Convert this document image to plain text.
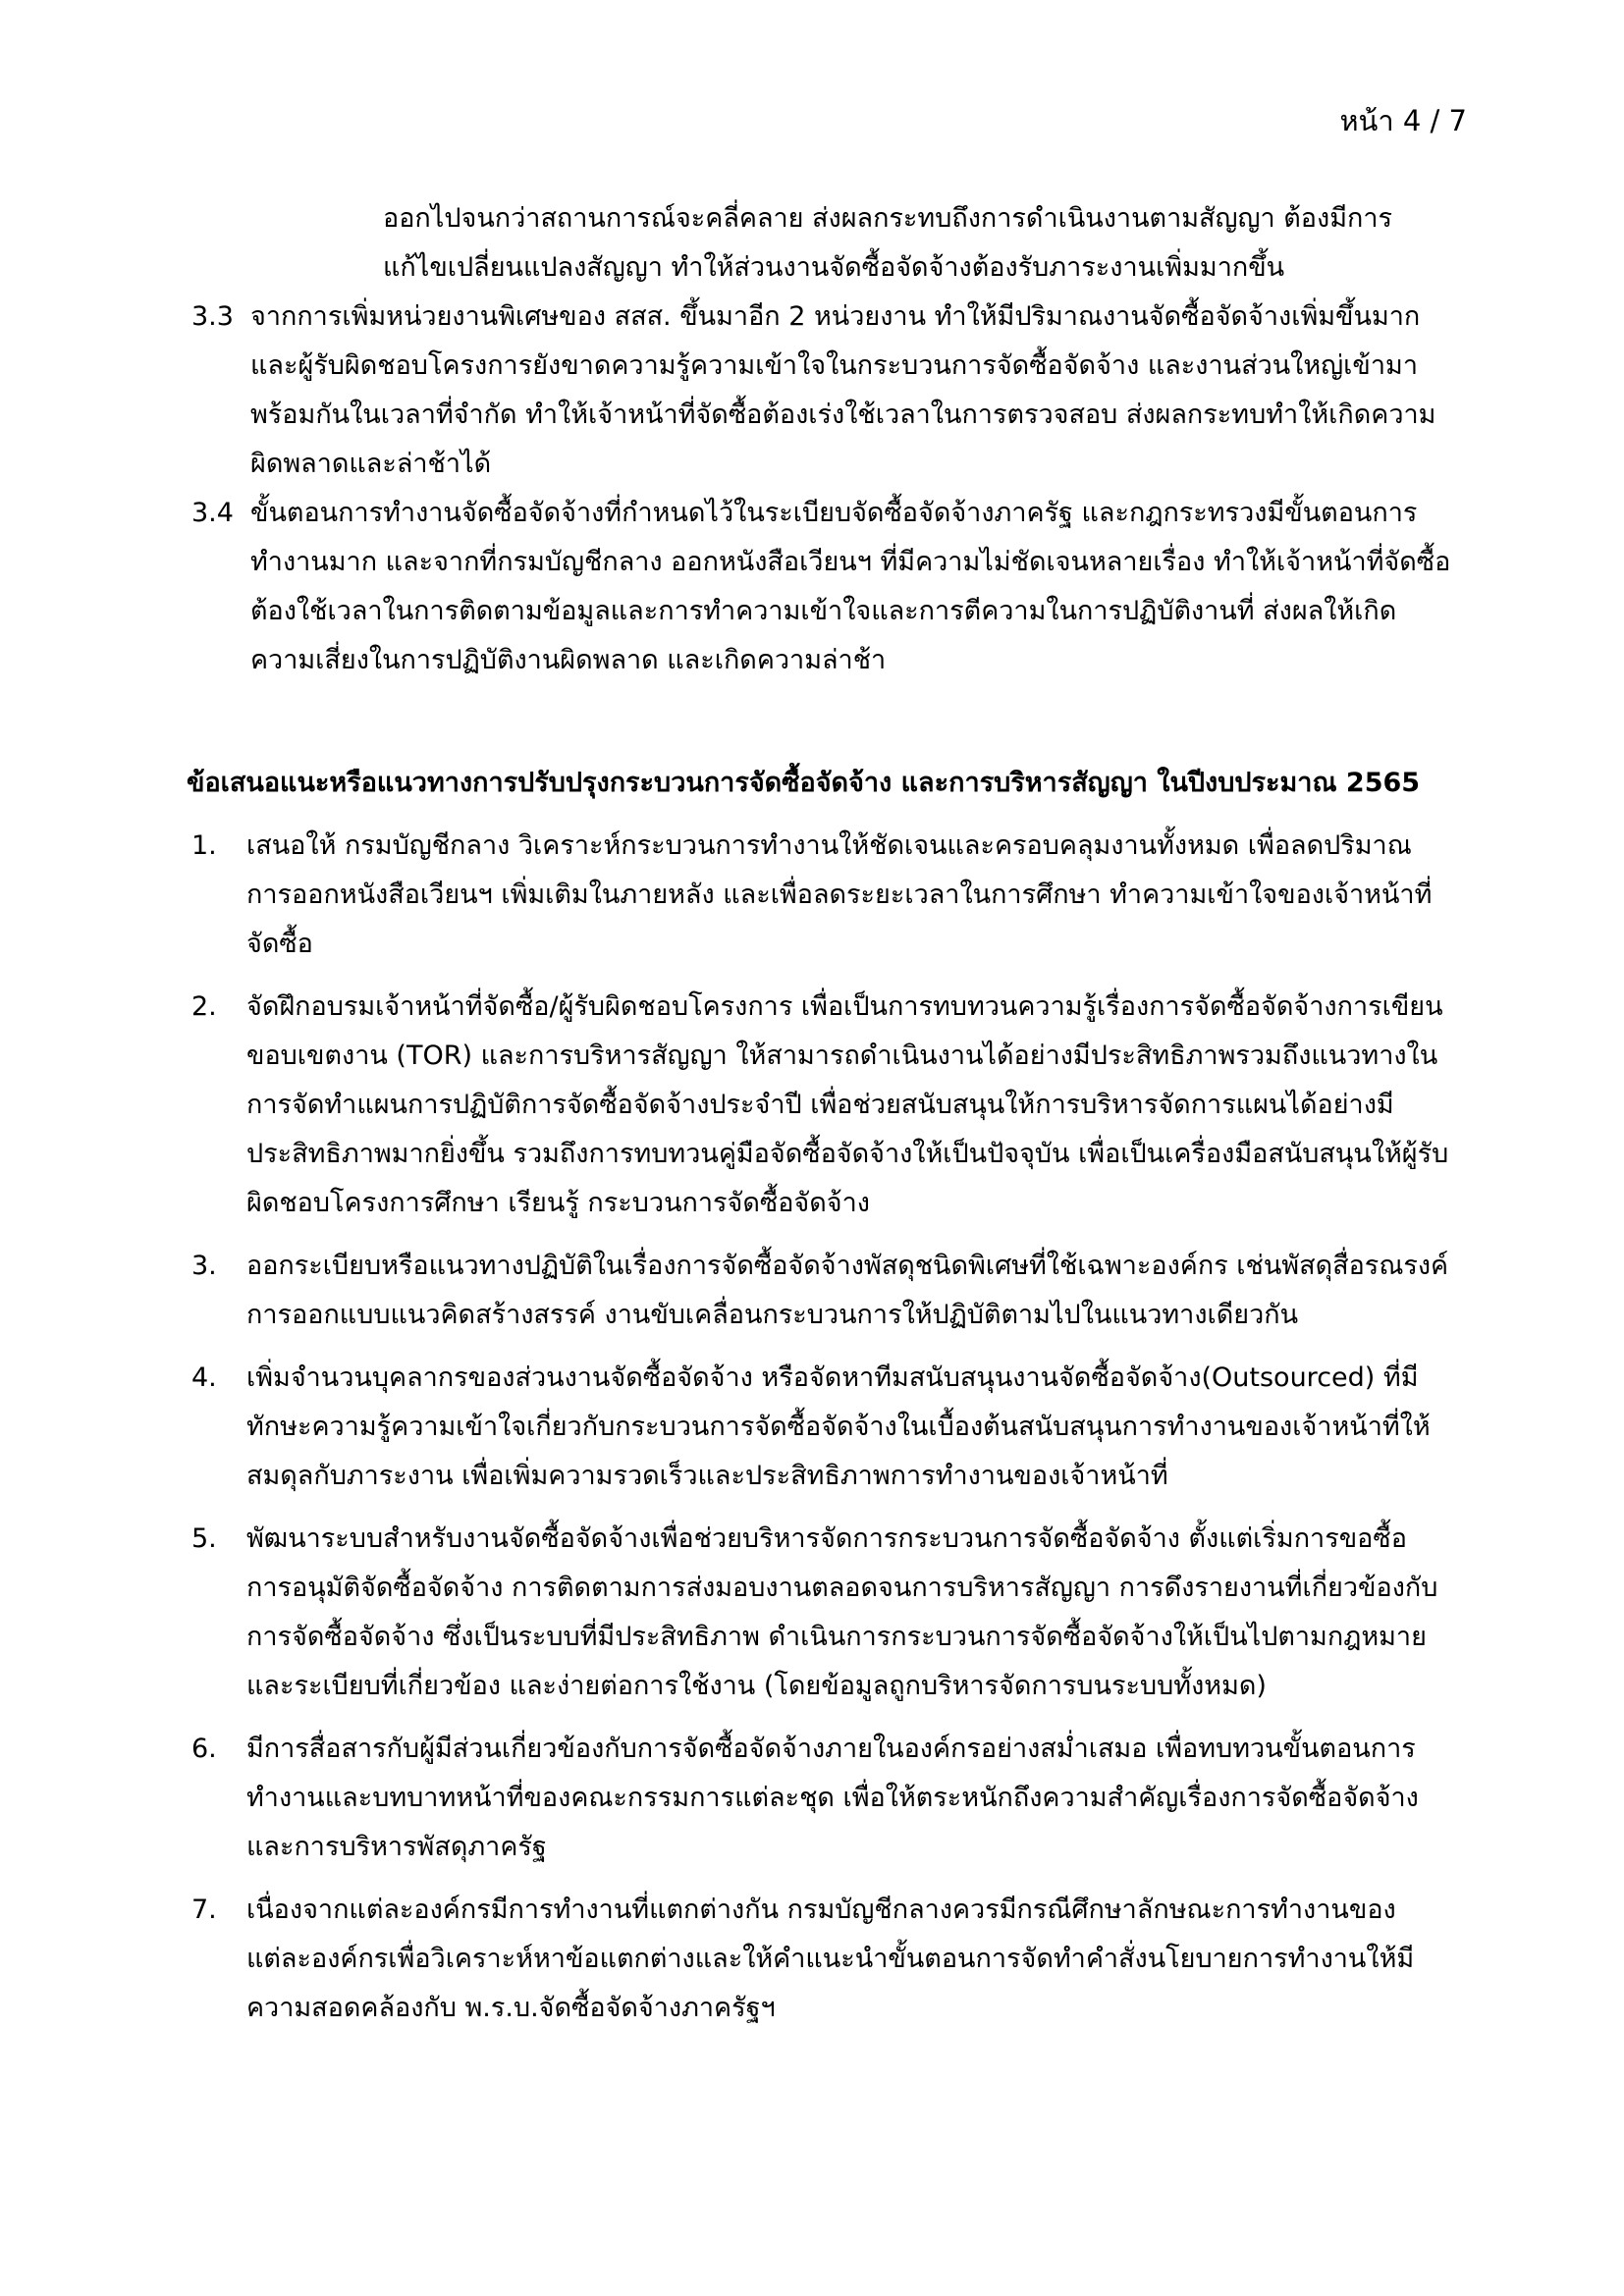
หน้า 4 / 7

ออกไปจนกว่าสถานการณ์จะคลี่คลาย ส่งผลกระทบถึงการดำเนินงานตามสัญญา ต้องมีการแก้ไขเปลี่ยนแปลงสัญญา ทำให้ส่วนงานจัดซื้อจัดจ้างต้องรับภาระงานเพิ่มมากขึ้น

3.3 จากการเพิ่มหน่วยงานพิเศษของ สสส. ขึ้นมาอีก 2 หน่วยงาน ทำให้มีปริมาณงานจัดซื้อจัดจ้างเพิ่มขึ้นมาก และผู้รับผิดชอบโครงการยังขาดความรู้ความเข้าใจในกระบวนการจัดซื้อจัดจ้าง และงานส่วนใหญ่เข้ามาพร้อมกันในเวลาที่จำกัด ทำให้เจ้าหน้าที่จัดซื้อต้องเร่งใช้เวลาในการตรวจสอบ ส่งผลกระทบทำให้เกิดความผิดพลาดและล่าช้าได้
3.4 ขั้นตอนการทำงานจัดซื้อจัดจ้างที่กำหนดไว้ในระเบียบจัดซื้อจัดจ้างภาครัฐ และกฎกระทรวงมีขั้นตอนการทำงานมาก และจากที่กรมบัญชีกลาง ออกหนังสือเวียนฯ ที่มีความไม่ชัดเจนหลายเรื่อง ทำให้เจ้าหน้าที่จัดซื้อต้องใช้เวลาในการติดตามข้อมูลและการทำความเข้าใจและการตีความในการปฏิบัติงานที่ ส่งผลให้เกิดความเสี่ยงในการปฏิบัติงานผิดพลาด และเกิดความล่าช้า
ข้อเสนอแนะหรือแนวทางการปรับปรุงกระบวนการจัดซื้อจัดจ้าง และการบริหารสัญญา ในปีงบประมาณ 2565
1.	เสนอให้ กรมบัญชีกลาง วิเคราะห์กระบวนการทำงานให้ชัดเจนและครอบคลุมงานทั้งหมด เพื่อลดปริมาณการออกหนังสือเวียนฯ เพิ่มเติมในภายหลัง และเพื่อลดระยะเวลาในการศึกษา ทำความเข้าใจของเจ้าหน้าที่จัดซื้อ
2.	จัดฝึกอบรมเจ้าหน้าที่จัดซื้อ/ผู้รับผิดชอบโครงการ เพื่อเป็นการทบทวนความรู้เรื่องการจัดซื้อจัดจ้างการเขียนขอบเขตงาน (TOR) และการบริหารสัญญา ให้สามารถดำเนินงานได้อย่างมีประสิทธิภาพรวมถึงแนวทางในการจัดทำแผนการปฏิบัติการจัดซื้อจัดจ้างประจำปี เพื่อช่วยสนับสนุนให้การบริหารจัดการแผนได้อย่างมีประสิทธิภาพมากยิ่งขึ้น รวมถึงการทบทวนคู่มือจัดซื้อจัดจ้างให้เป็นปัจจุบัน เพื่อเป็นเครื่องมือสนับสนุนให้ผู้รับผิดชอบโครงการศึกษา เรียนรู้ กระบวนการจัดซื้อจัดจ้าง
3.	ออกระเบียบหรือแนวทางปฏิบัติในเรื่องการจัดซื้อจัดจ้างพัสดุชนิดพิเศษที่ใช้เฉพาะองค์กร เช่นพัสดุสื่อรณรงค์ การออกแบบแนวคิดสร้างสรรค์ งานขับเคลื่อนกระบวนการให้ปฏิบัติตามไปในแนวทางเดียวกัน
4.	เพิ่มจำนวนบุคลากรของส่วนงานจัดซื้อจัดจ้าง หรือจัดหาทีมสนับสนุนงานจัดซื้อจัดจ้าง(Outsourced) ที่มีทักษะความรู้ความเข้าใจเกี่ยวกับกระบวนการจัดซื้อจัดจ้างในเบื้องต้นสนับสนุนการทำงานของเจ้าหน้าที่ให้สมดุลกับภาระงาน เพื่อเพิ่มความรวดเร็วและประสิทธิภาพการทำงานของเจ้าหน้าที่
5.	พัฒนาระบบสำหรับงานจัดซื้อจัดจ้างเพื่อช่วยบริหารจัดการกระบวนการจัดซื้อจัดจ้าง ตั้งแต่เริ่มการขอซื้อ การอนุมัติจัดซื้อจัดจ้าง การติดตามการส่งมอบงานตลอดจนการบริหารสัญญา การดึงรายงานที่เกี่ยวข้องกับการจัดซื้อจัดจ้าง ซึ่งเป็นระบบที่มีประสิทธิภาพ ดำเนินการกระบวนการจัดซื้อจัดจ้างให้เป็นไปตามกฎหมายและระเบียบที่เกี่ยวข้อง และง่ายต่อการใช้งาน (โดยข้อมูลถูกบริหารจัดการบนระบบทั้งหมด)
6.	มีการสื่อสารกับผู้มีส่วนเกี่ยวข้องกับการจัดซื้อจัดจ้างภายในองค์กรอย่างสม่ำเสมอ เพื่อทบทวนขั้นตอนการทำงานและบทบาทหน้าที่ของคณะกรรมการแต่ละชุด เพื่อให้ตระหนักถึงความสำคัญเรื่องการจัดซื้อจัดจ้างและการบริหารพัสดุภาครัฐ
7.	เนื่องจากแต่ละองค์กรมีการทำงานที่แตกต่างกัน กรมบัญชีกลางควรมีกรณีศึกษาลักษณะการทำงานของแต่ละองค์กรเพื่อวิเคราะห์หาข้อแตกต่างและให้คำแนะนำขั้นตอนการจัดทำคำสั่งนโยบายการทำงานให้มีความสอดคล้องกับ พ.ร.บ.จัดซื้อจัดจ้างภาครัฐฯ
